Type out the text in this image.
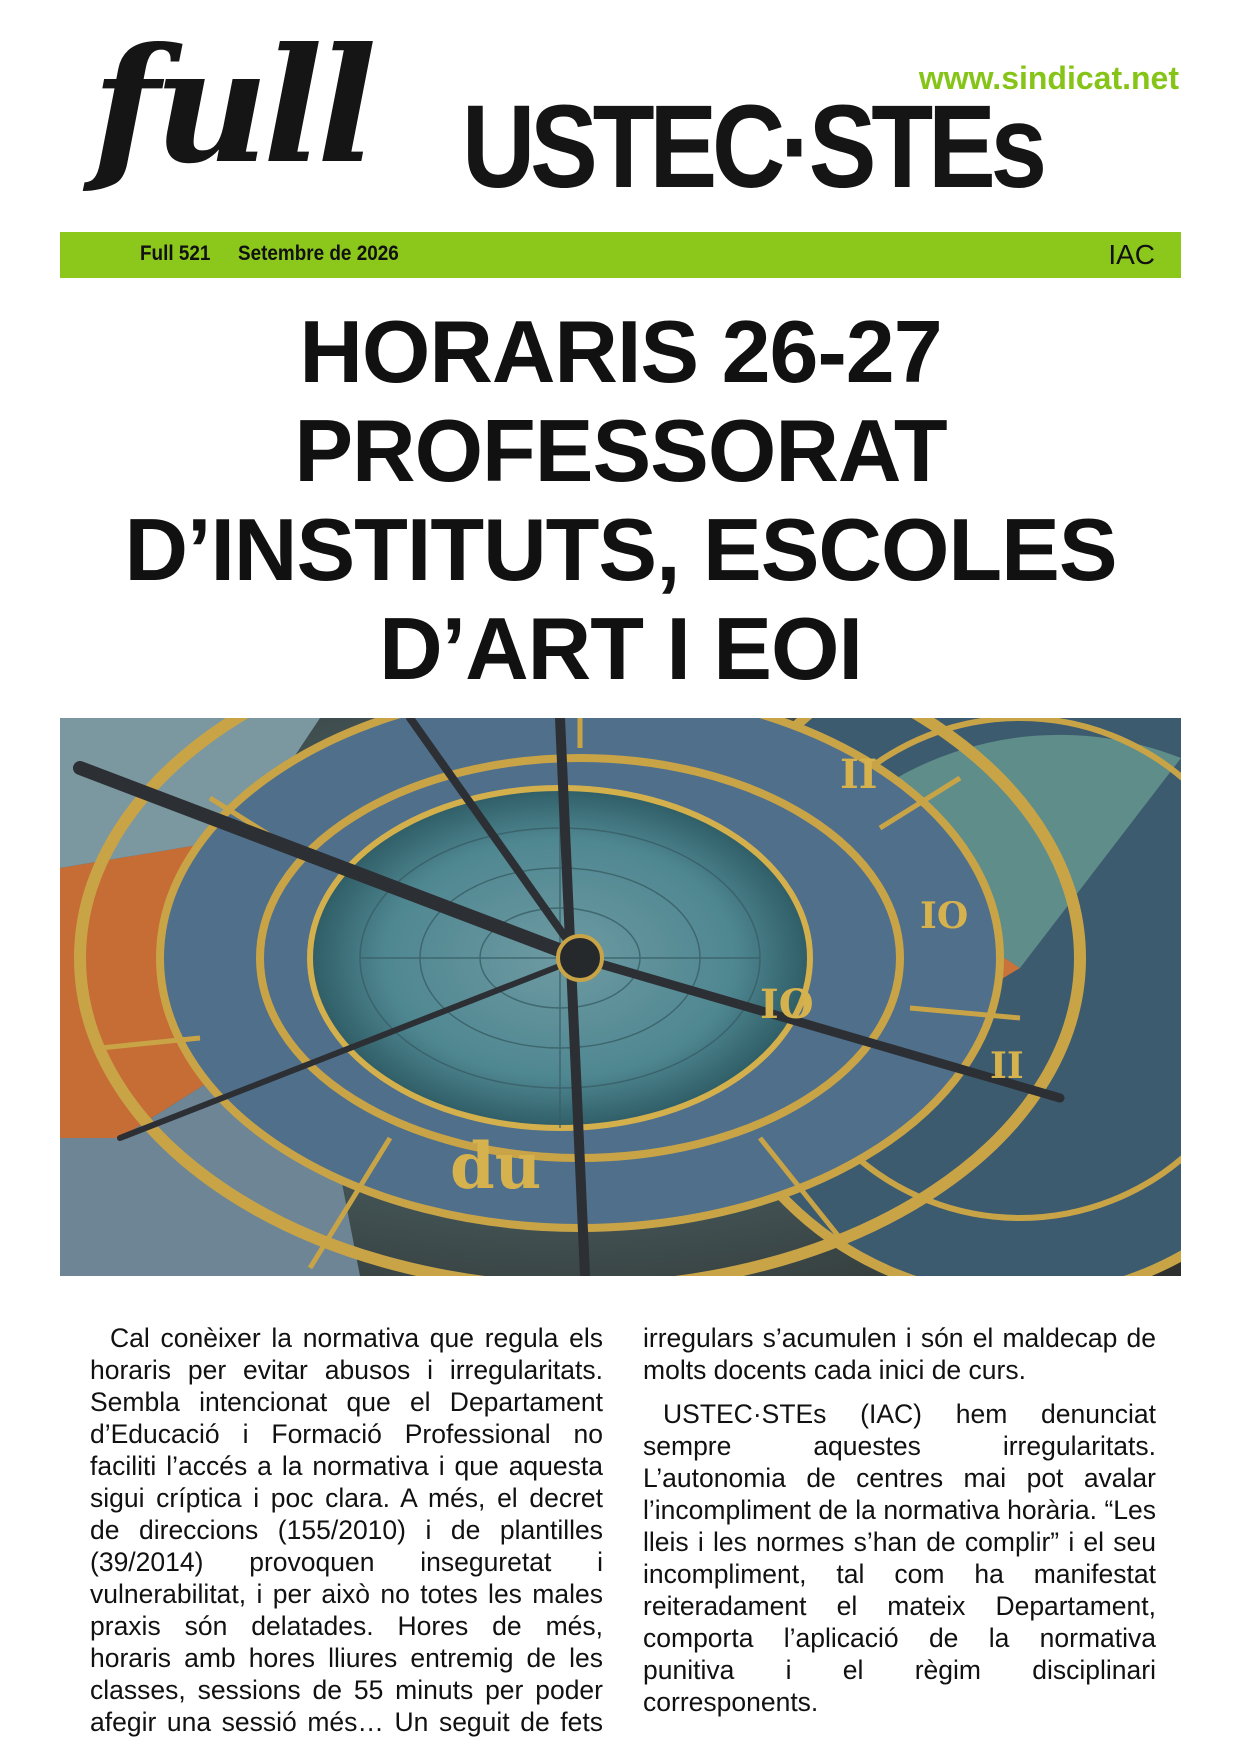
full USTEC·STEs
www.sindicat.net
Full 521 Setembre de 2026	IAC
HORARIS 26-27
PROFESSORAT
D’INSTITUTS, ESCOLES
D’ART I EOI
du
IO
II
IO
II

Cal conèixer la normativa que regula els horaris per evitar abusos i irregularitats. Sembla intencionat que el Departament d’Educació i Formació Professional no faciliti l’accés a la normativa i que aquesta sigui críptica i poc clara. A més, el decret de direccions (155/2010) i de plantilles (39/2014) provoquen inseguretat i vulnerabilitat, i per això no totes les males praxis són delatades. Hores de més, horaris amb hores lliures entremig de les classes, sessions de 55 minuts per poder afegir una sessió més… Un seguit de fets irregulars s’acumulen i són el maldecap de molts docents cada inici de curs.

USTEC·STEs (IAC) hem denunciat sempre aquestes irregularitats. L’autonomia de centres mai pot avalar l’incompliment de la normativa horària. “Les lleis i les normes s’han de complir” i el seu incompliment, tal com ha manifestat reiteradament el mateix Departament, comporta l’aplicació de la normativa punitiva i el règim disciplinari corresponents.
